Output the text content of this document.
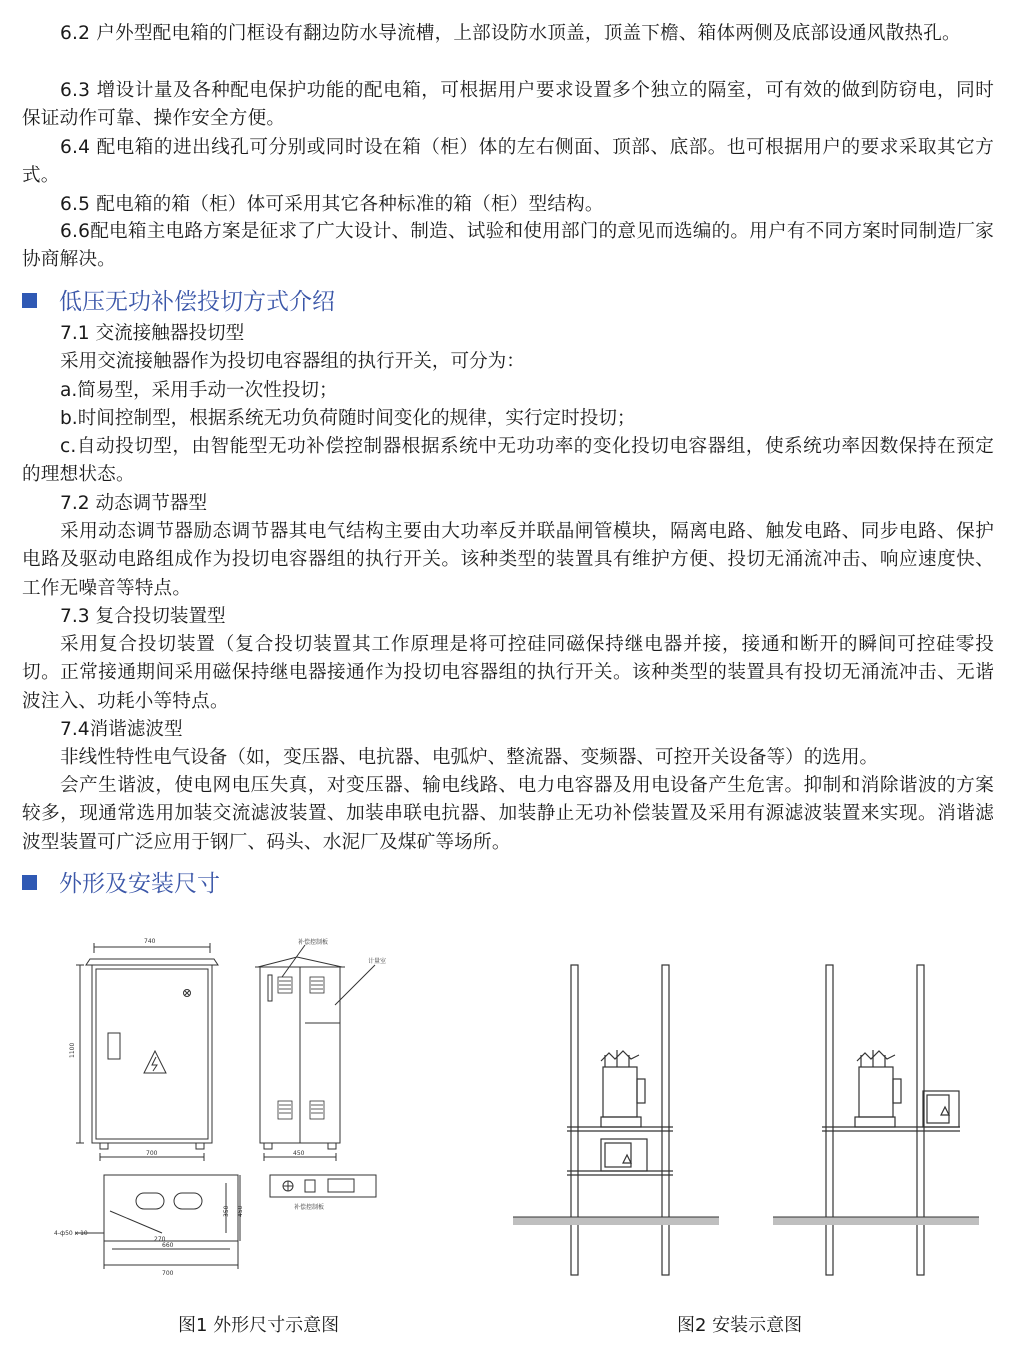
6.2 户外型配电箱的门框设有翻边防水导流槽，上部设防水顶盖，顶盖下檐、箱体两侧及底部设通风散热孔。

6.3 增设计量及各种配电保护功能的配电箱，可根据用户要求设置多个独立的隔室，可有效的做到防窃电，同时保证动作可靠、操作安全方便。

6.4 配电箱的进出线孔可分别或同时设在箱（柜）体的左右侧面、顶部、底部。也可根据用户的要求采取其它方式。

6.5 配电箱的箱（柜）体可采用其它各种标准的箱（柜）型结构。

6.6配电箱主电路方案是征求了广大设计、制造、试验和使用部门的意见而选编的。用户有不同方案时同制造厂家协商解决。

低压无功补偿投切方式介绍

7.1 交流接触器投切型

采用交流接触器作为投切电容器组的执行开关，可分为：

a.简易型，采用手动一次性投切；

b.时间控制型，根据系统无功负荷随时间变化的规律，实行定时投切；

c.自动投切型，由智能型无功补偿控制器根据系统中无功功率的变化投切电容器组，使系统功率因数保持在预定的理想状态。

7.2 动态调节器型

采用动态调节器励态调节器其电气结构主要由大功率反并联晶闸管模块，隔离电路、触发电路、同步电路、保护电路及驱动电路组成作为投切电容器组的执行开关。该种类型的装置具有维护方便、投切无涌流冲击、响应速度快、工作无噪音等特点。

7.3 复合投切装置型

采用复合投切装置（复合投切装置其工作原理是将可控硅同磁保持继电器并接，接通和断开的瞬间可控硅零投切。正常接通期间采用磁保持继电器接通作为投切电容器组的执行开关。该种类型的装置具有投切无涌流冲击、无谐波注入、功耗小等特点。

7.4消谐滤波型

非线性特性电气设备（如，变压器、电抗器、电弧炉、整流器、变频器、可控开关设备等）的选用。

会产生谐波，使电网电压失真，对变压器、输电线路、电力电容器及用电设备产生危害。抑制和消除谐波的方案较多，现通常选用加装交流滤波装置、加装串联电抗器、加装静止无功补偿装置及采用有源滤波装置来实现。消谐滤波型装置可广泛应用于钢厂、码头、水泥厂及煤矿等场所。

外形及安装尺寸
740
1100
700	450
补偿控制板
计量室
补偿控制板
4-ф50 x 10
270
350 450
660
700
图1 外形尺寸示意图	图2 安装示意图
